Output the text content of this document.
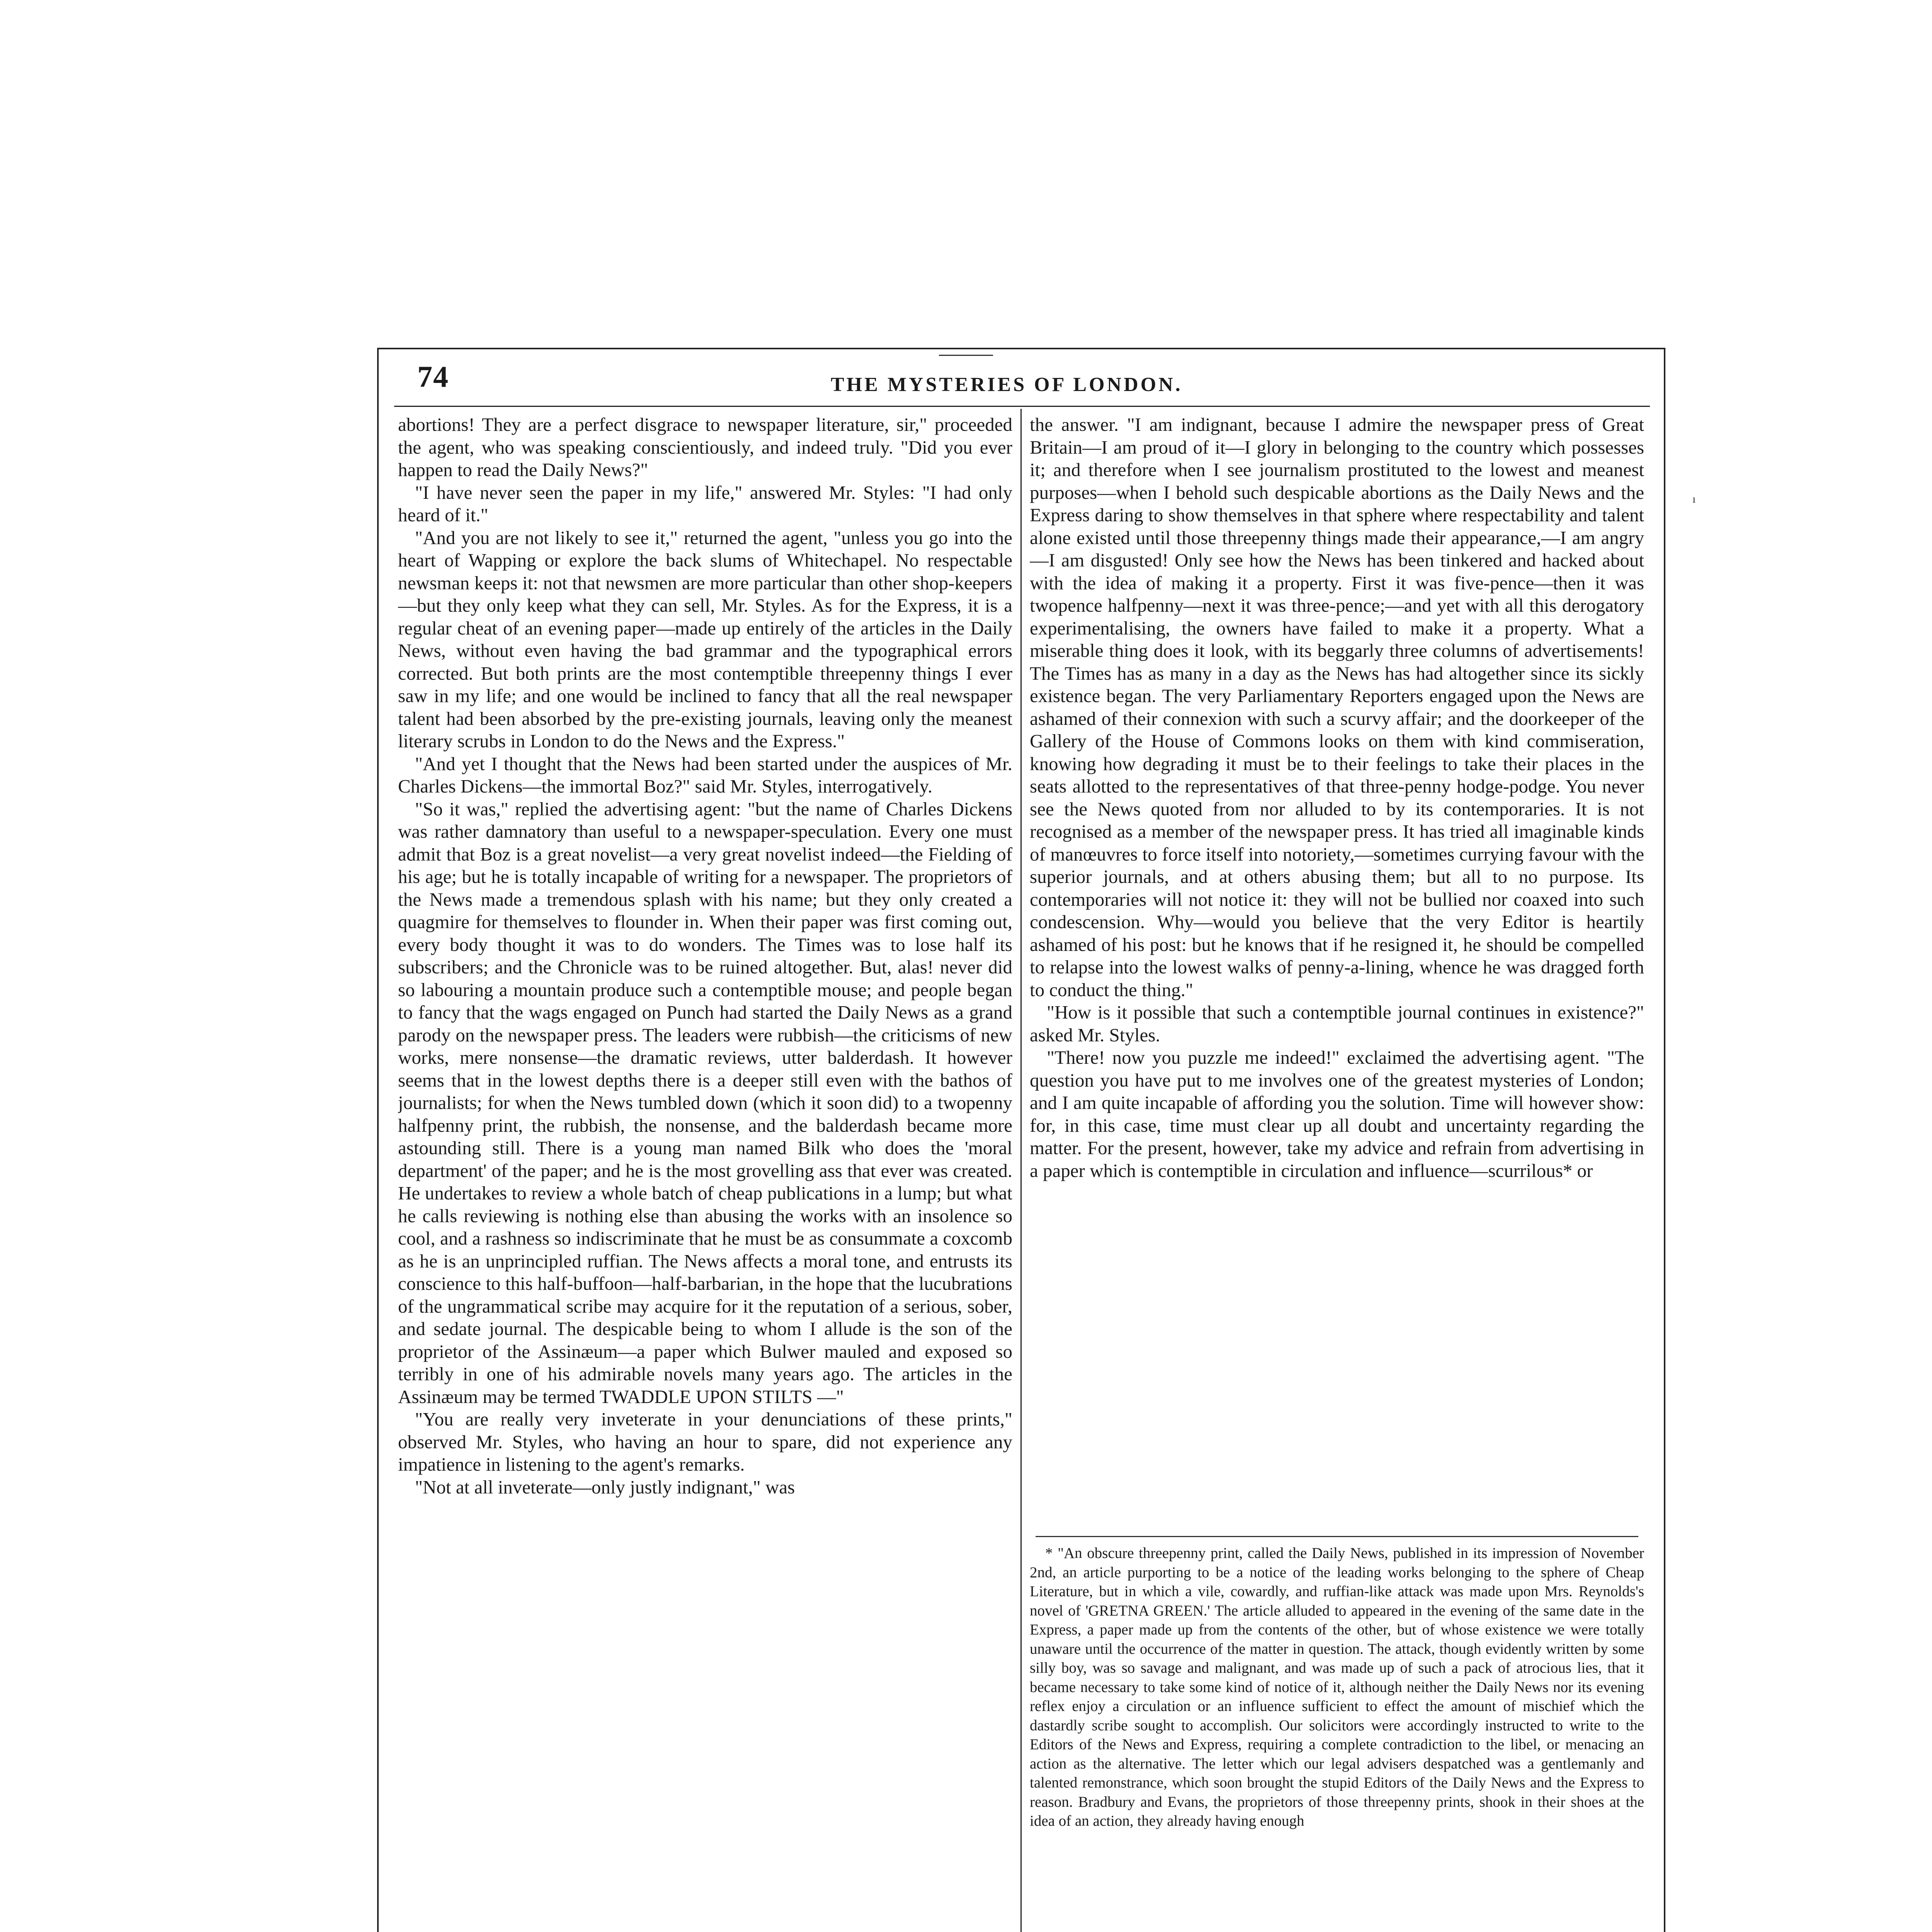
74	THE MYSTERIES OF LONDON.

abortions! They are a perfect disgrace to newspaper literature, sir," proceeded the agent, who was speaking conscientiously, and indeed truly. "Did you ever happen to read the Daily News?"

"I have never seen the paper in my life," answered Mr. Styles: "I had only heard of it."

"And you are not likely to see it," returned the agent, "unless you go into the heart of Wapping or explore the back slums of Whitechapel. No respectable newsman keeps it: not that newsmen are more particular than other shop-keepers—but they only keep what they can sell, Mr. Styles. As for the Express, it is a regular cheat of an evening paper—made up entirely of the articles in the Daily News, without even having the bad grammar and the typographical errors corrected. But both prints are the most contemptible threepenny things I ever saw in my life; and one would be inclined to fancy that all the real newspaper talent had been absorbed by the pre-existing journals, leaving only the meanest literary scrubs in London to do the News and the Express."

"And yet I thought that the News had been started under the auspices of Mr. Charles Dickens—the immortal Boz?" said Mr. Styles, interrogatively.

"So it was," replied the advertising agent: "but the name of Charles Dickens was rather damnatory than useful to a newspaper-speculation. Every one must admit that Boz is a great novelist—a very great novelist indeed—the Fielding of his age; but he is totally incapable of writing for a newspaper. The proprietors of the News made a tremendous splash with his name; but they only created a quagmire for themselves to flounder in. When their paper was first coming out, every body thought it was to do wonders. The Times was to lose half its subscribers; and the Chronicle was to be ruined altogether. But, alas! never did so labouring a mountain produce such a contemptible mouse; and people began to fancy that the wags engaged on Punch had started the Daily News as a grand parody on the newspaper press. The leaders were rubbish—the criticisms of new works, mere nonsense—the dramatic reviews, utter balderdash. It however seems that in the lowest depths there is a deeper still even with the bathos of journalists; for when the News tumbled down (which it soon did) to a twopenny halfpenny print, the rubbish, the nonsense, and the balderdash became more astounding still. There is a young man named Bilk who does the 'moral department' of the paper; and he is the most grovelling ass that ever was created. He undertakes to review a whole batch of cheap publications in a lump; but what he calls reviewing is nothing else than abusing the works with an insolence so cool, and a rashness so indiscriminate that he must be as consummate a coxcomb as he is an unprincipled ruffian. The News affects a moral tone, and entrusts its conscience to this half-buffoon—half-barbarian, in the hope that the lucubrations of the ungrammatical scribe may acquire for it the reputation of a serious, sober, and sedate journal. The despicable being to whom I allude is the son of the proprietor of the Assinæum—a paper which Bulwer mauled and exposed so terribly in one of his admirable novels many years ago. The articles in the Assinæum may be termed TWADDLE UPON STILTS —"

"You are really very inveterate in your denunciations of these prints," observed Mr. Styles, who having an hour to spare, did not experience any impatience in listening to the agent's remarks.

"Not at all inveterate—only justly indignant," was

the answer. "I am indignant, because I admire the newspaper press of Great Britain—I am proud of it—I glory in belonging to the country which possesses it; and therefore when I see journalism prostituted to the lowest and meanest purposes—when I behold such despicable abortions as the Daily News and the Express daring to show themselves in that sphere where respectability and talent alone existed until those threepenny things made their appearance,—I am angry—I am disgusted! Only see how the News has been tinkered and hacked about with the idea of making it a property. First it was five-pence—then it was twopence halfpenny—next it was three-pence;—and yet with all this derogatory experimentalising, the owners have failed to make it a property. What a miserable thing does it look, with its beggarly three columns of advertisements! The Times has as many in a day as the News has had altogether since its sickly existence began. The very Parliamentary Reporters engaged upon the News are ashamed of their connexion with such a scurvy affair; and the doorkeeper of the Gallery of the House of Commons looks on them with kind commiseration, knowing how degrading it must be to their feelings to take their places in the seats allotted to the representatives of that three-penny hodge-podge. You never see the News quoted from nor alluded to by its contemporaries. It is not recognised as a member of the newspaper press. It has tried all imaginable kinds of manœuvres to force itself into notoriety,—sometimes currying favour with the superior journals, and at others abusing them; but all to no purpose. Its contemporaries will not notice it: they will not be bullied nor coaxed into such condescension. Why—would you believe that the very Editor is heartily ashamed of his post: but he knows that if he resigned it, he should be compelled to relapse into the lowest walks of penny-a-lining, whence he was dragged forth to conduct the thing."

"How is it possible that such a contemptible journal continues in existence?" asked Mr. Styles.

"There! now you puzzle me indeed!" exclaimed the advertising agent. "The question you have put to me involves one of the greatest mysteries of London; and I am quite incapable of affording you the solution. Time will however show: for, in this case, time must clear up all doubt and uncertainty regarding the matter. For the present, however, take my advice and refrain from advertising in a paper which is contemptible in circulation and influence—scurrilous* or

* "An obscure threepenny print, called the Daily News, published in its impression of November 2nd, an article purporting to be a notice of the leading works belonging to the sphere of Cheap Literature, but in which a vile, cowardly, and ruffian-like attack was made upon Mrs. Reynolds's novel of 'GRETNA GREEN.' The article alluded to appeared in the evening of the same date in the Express, a paper made up from the contents of the other, but of whose existence we were totally unaware until the occurrence of the matter in question. The attack, though evidently written by some silly boy, was so savage and malignant, and was made up of such a pack of atrocious lies, that it became necessary to take some kind of notice of it, although neither the Daily News nor its evening reflex enjoy a circulation or an influence sufficient to effect the amount of mischief which the dastardly scribe sought to accomplish. Our solicitors were accordingly instructed to write to the Editors of the News and Express, requiring a complete contradiction to the libel, or menacing an action as the alternative. The letter which our legal advisers despatched was a gentlemanly and talented remonstrance, which soon brought the stupid Editors of the Daily News and the Express to reason. Bradbury and Evans, the proprietors of those threepenny prints, shook in their shoes at the idea of an action, they already having enough

ı
